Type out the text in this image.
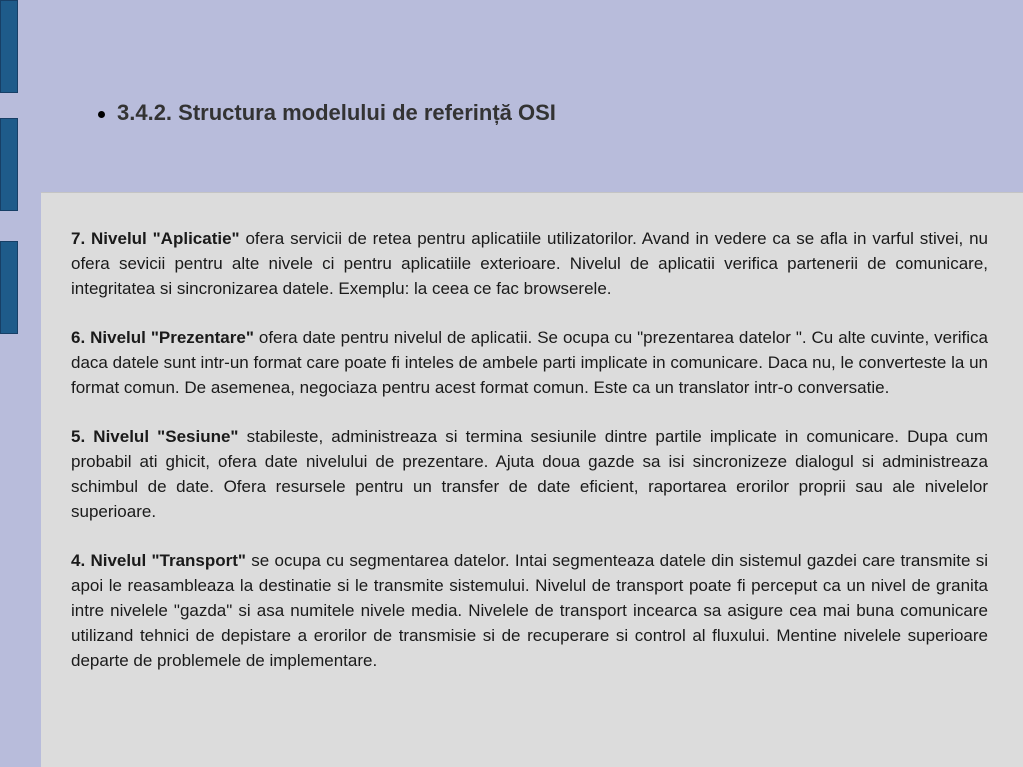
3.4.2. Structura modelului de referință OSI

7. Nivelul "Aplicatie" ofera servicii de retea pentru aplicatiile utilizatorilor. Avand in vedere ca se afla in varful stivei, nu ofera sevicii pentru alte nivele ci pentru aplicatiile exterioare. Nivelul de aplicatii verifica partenerii de comunicare, integritatea si sincronizarea datele. Exemplu: la ceea ce fac browserele.

6. Nivelul "Prezentare" ofera date pentru nivelul de aplicatii. Se ocupa cu "prezentarea datelor ". Cu alte cuvinte, verifica daca datele sunt intr-un format care poate fi inteles de ambele parti implicate in comunicare. Daca nu, le converteste la un format comun. De asemenea, negociaza pentru acest format comun. Este ca un translator intr-o conversatie.

5. Nivelul "Sesiune" stabileste, administreaza si termina sesiunile dintre partile implicate in comunicare. Dupa cum probabil ati ghicit, ofera date nivelului de prezentare. Ajuta doua gazde sa isi sincronizeze dialogul si administreaza schimbul de date. Ofera resursele pentru un transfer de date eficient, raportarea erorilor proprii sau ale nivelelor superioare.

4. Nivelul "Transport" se ocupa cu segmentarea datelor. Intai segmenteaza datele din sistemul gazdei care transmite si apoi le reasambleaza la destinatie si le transmite sistemului. Nivelul de transport poate fi perceput ca un nivel de granita intre nivelele "gazda" si asa numitele nivele media. Nivelele de transport incearca sa asigure cea mai buna comunicare utilizand tehnici de depistare a erorilor de transmisie si de recuperare si control al fluxului. Mentine nivelele superioare departe de problemele de implementare.
